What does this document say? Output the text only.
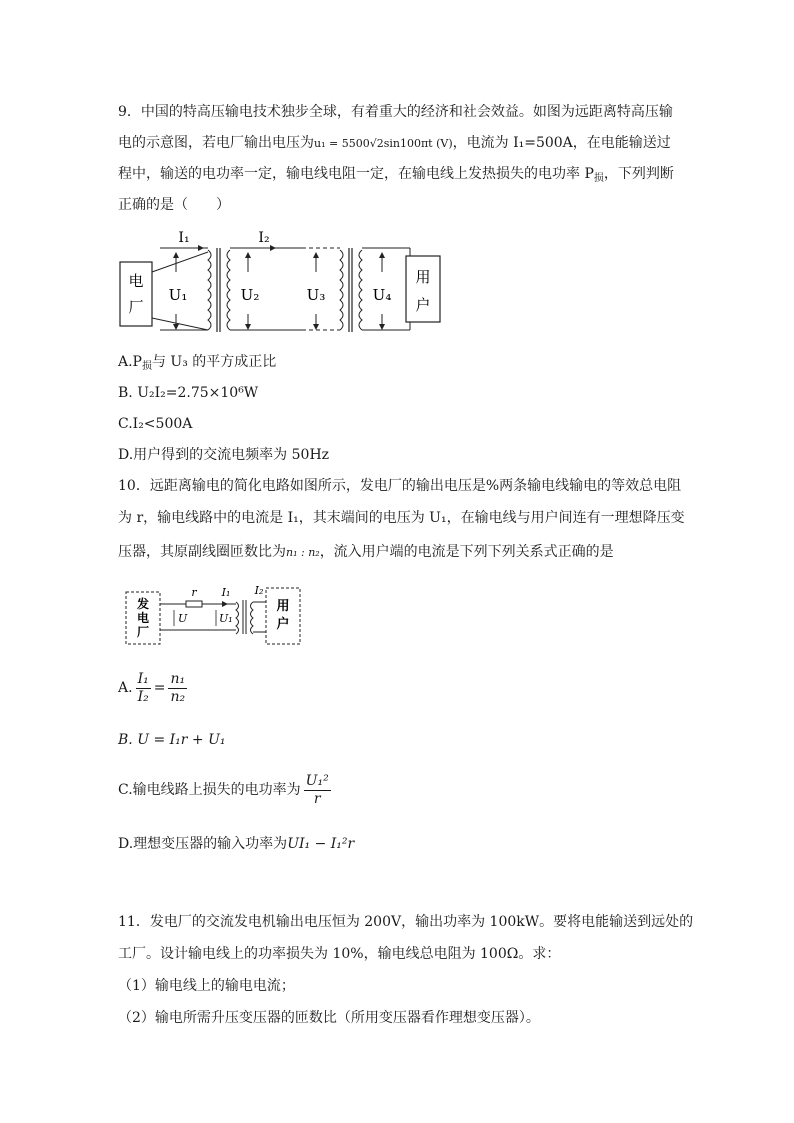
9．中国的特高压输电技术独步全球，有着重大的经济和社会效益。如图为远距离特高压输
电的示意图，若电厂输出电压为u₁ = 5500√2sin100πt (V)，电流为 I₁=500A，在电能输送过
程中，输送的电功率一定，输电线电阻一定，在输电线上发热损失的电功率 $P_损$，下列判断
正确的是（　　）
电
厂
I₁
U₁
I₂
U₂	U₃	U₄
用
户
$A.P_损$与 U₃ 的平方成正比
B. U₂I₂=2.75×10⁶W
C.I₂<500A
D.用户得到的交流电频率为 50Hz
10．远距离输电的简化电路如图所示，发电厂的输出电压是%两条输电线输电的等效总电阻
为 r，输电线路中的电流是 I₁，其末端间的电压为 U₁，在输电线与用户间连有一理想降压变
压器，其原副线圈匝数比为n₁ : n₂，流入用户端的电流是下列下列关系式正确的是
发
电
厂
r I₁
U	U₁
I₂
用
户
A. $\frac{\text{I₁}}{\text{I₂}} = \frac{\text{n₁}}{\text{n₂}}$
B. U = I₁r + U₁
C.输电线路上损失的电功率为 $\frac{\text{U₁²}}{r}$
D.理想变压器的输入功率为UI₁ − I₁²r
11．发电厂的交流发电机输出电压恒为 200V，输出功率为 100kW。要将电能输送到远处的
工厂。设计输电线上的功率损失为 10%，输电线总电阻为 100Ω。求：
（1）输电线上的输电电流；
（2）输电所需升压变压器的匝数比（所用变压器看作理想变压器）。
